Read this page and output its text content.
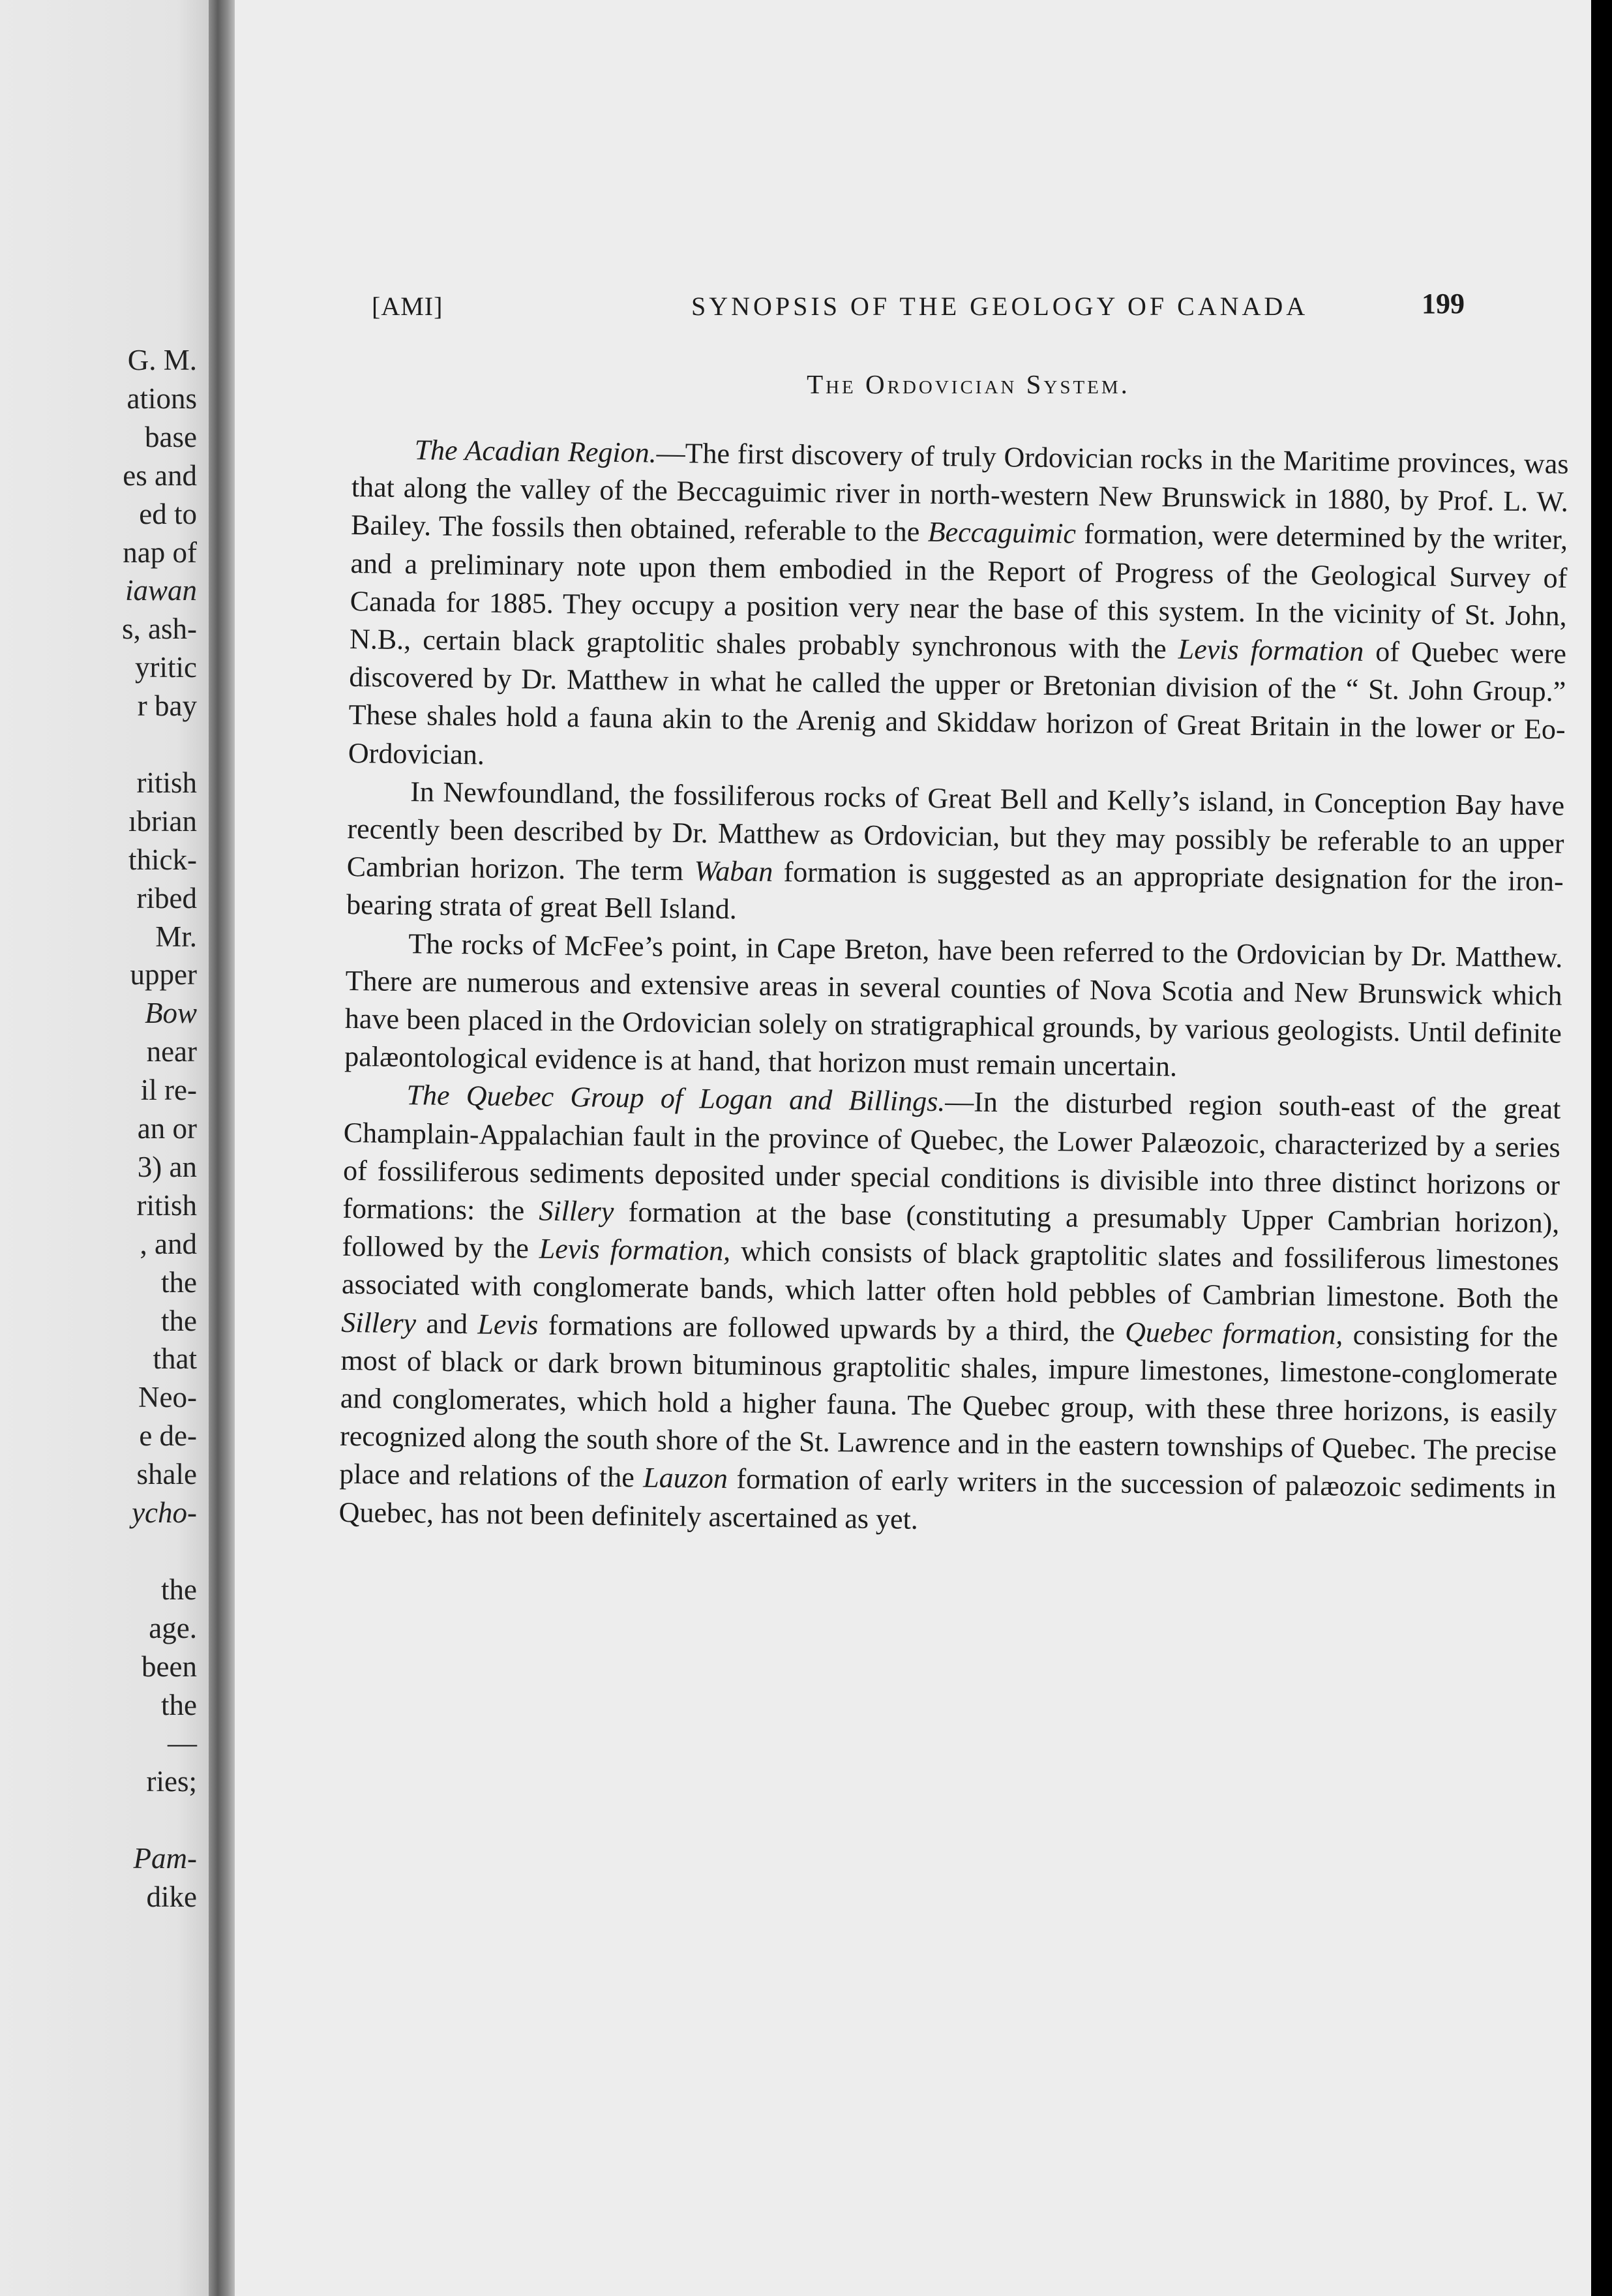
G. M.
ations
base
es and
ed to
nap of
iawan
s, ash-
yritic
r bay
ritish
ıbrian
thick-
ribed
Mr.
upper
Bow
near
il re-
an or
3) an
ritish
, and
the
the
that
Neo-
e de-
shale
ycho-
the
age.
been
the
—
ries;
Pam-
dike
[AMI]	SYNOPSIS OF THE GEOLOGY OF CANADA	199
The Ordovician System.

The Acadian Region.—The first discovery of truly Ordovician rocks in the Maritime provinces, was that along the valley of the Beccaguimic river in north-western New Brunswick in 1880, by Prof. L. W. Bailey. The fossils then obtained, referable to the Beccaguimic formation, were determined by the writer, and a preliminary note upon them embodied in the Report of Progress of the Geological Survey of Canada for 1885. They occupy a position very near the base of this system. In the vicinity of St. John, N.B., certain black graptolitic shales probably synchronous with the Levis formation of Quebec were discovered by Dr. Matthew in what he called the upper or Bretonian division of the “ St. John Group.” These shales hold a fauna akin to the Arenig and Skiddaw horizon of Great Britain in the lower or Eo-Ordovician.

In Newfoundland, the fossiliferous rocks of Great Bell and Kelly’s island, in Conception Bay have recently been described by Dr. Matthew as Ordovician, but they may possibly be referable to an upper Cambrian horizon. The term Waban formation is suggested as an appropriate designation for the iron-bearing strata of great Bell Island.

The rocks of McFee’s point, in Cape Breton, have been referred to the Ordovician by Dr. Matthew. There are numerous and extensive areas in several counties of Nova Scotia and New Brunswick which have been placed in the Ordovician solely on stratigraphical grounds, by various geologists. Until definite palæontological evidence is at hand, that horizon must remain uncertain.

The Quebec Group of Logan and Billings.—In the disturbed region south-east of the great Champlain-Appalachian fault in the province of Quebec, the Lower Palæozoic, characterized by a series of fossiliferous sediments deposited under special conditions is divisible into three distinct horizons or formations: the Sillery formation at the base (constituting a presumably Upper Cambrian horizon), followed by the Levis formation, which consists of black graptolitic slates and fossiliferous limestones associated with conglomerate bands, which latter often hold pebbles of Cambrian limestone. Both the Sillery and Levis formations are followed upwards by a third, the Quebec formation, consisting for the most of black or dark brown bituminous graptolitic shales, impure limestones, limestone-conglomerate and conglomerates, which hold a higher fauna. The Quebec group, with these three horizons, is easily recognized along the south shore of the St. Lawrence and in the eastern townships of Quebec. The precise place and relations of the Lauzon formation of early writers in the succession of palæozoic sediments in Quebec, has not been definitely ascertained as yet.
